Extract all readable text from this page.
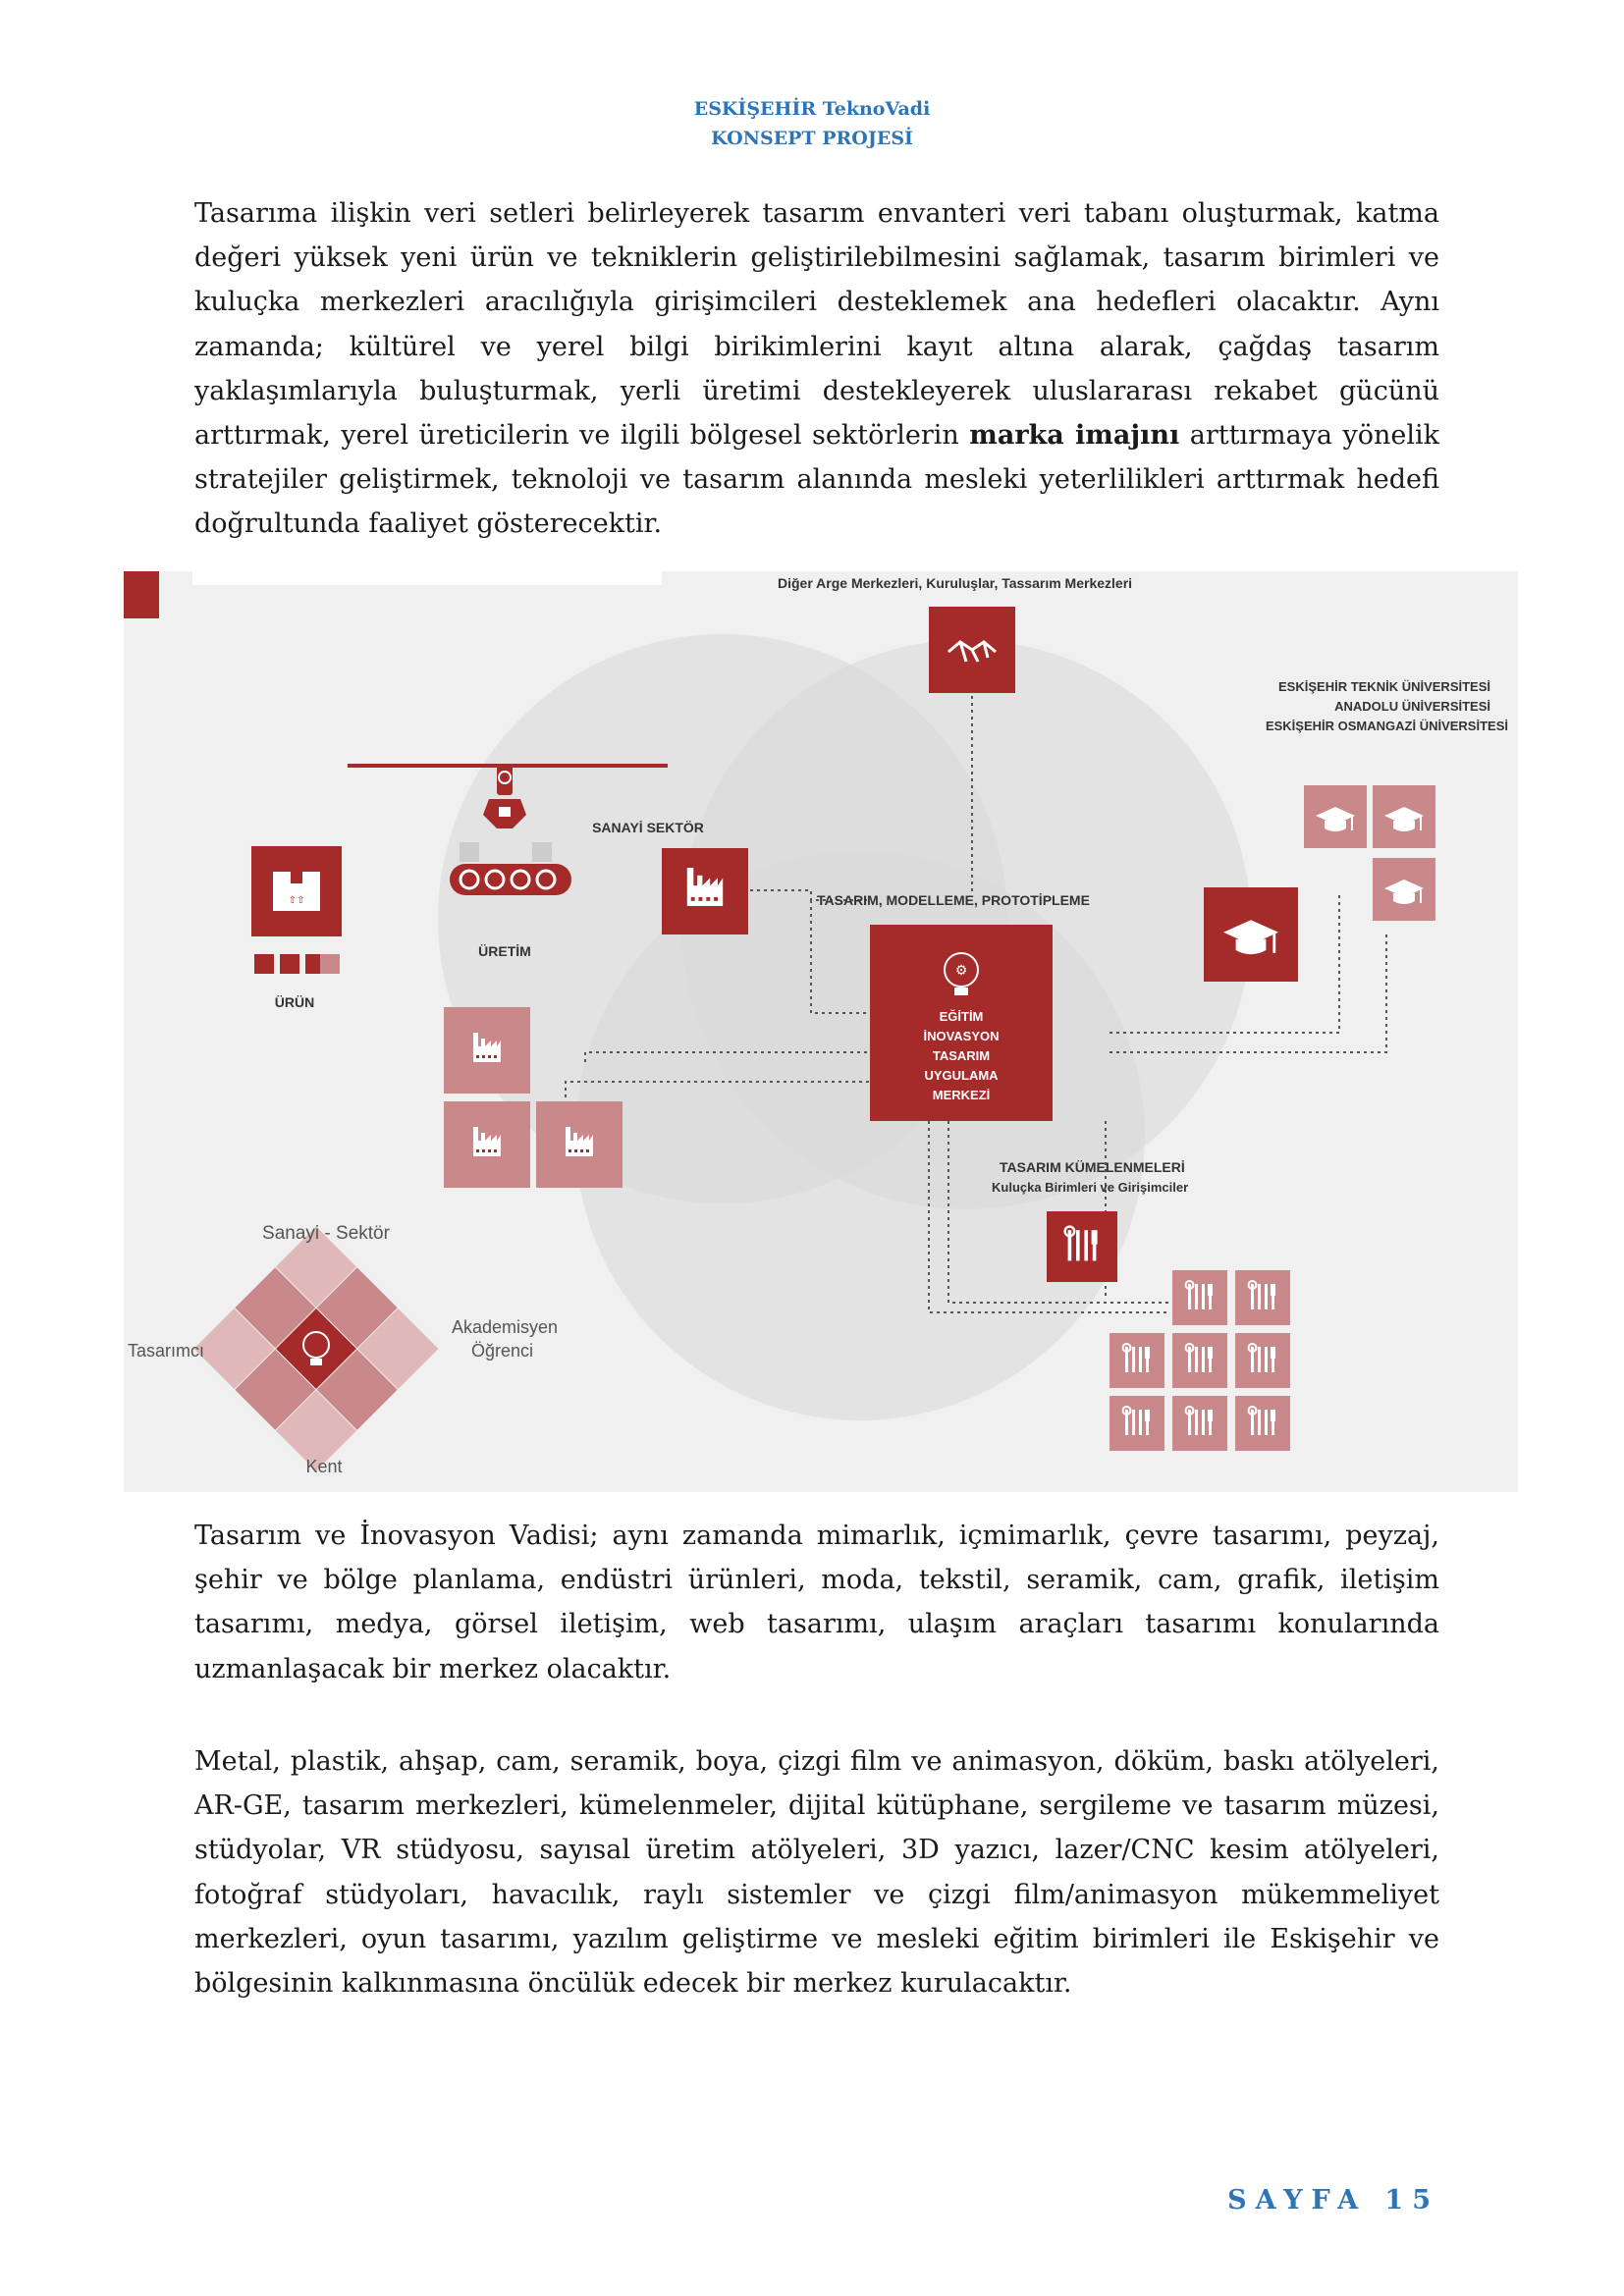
ESKİŞEHİR TeknoVadi
KONSEPT PROJESİ
Tasarıma ilişkin veri setleri belirleyerek tasarım envanteri veri tabanı oluşturmak, katma değeri yüksek yeni ürün ve tekniklerin geliştirilebilmesini sağlamak, tasarım birimleri ve kuluçka merkezleri aracılığıyla girişimcileri desteklemek ana hedefleri olacaktır. Aynı zamanda; kültürel ve yerel bilgi birikimlerini kayıt altına alarak, çağdaş tasarım yaklaşımlarıyla buluşturmak, yerli üretimi destekleyerek uluslararası rekabet gücünü arttırmak, yerel üreticilerin ve ilgili bölgesel sektörlerin marka imajını arttırmaya yönelik stratejiler geliştirmek, teknoloji ve tasarım alanında mesleki yeterlilikleri arttırmak hedefi doğrultunda faaliyet gösterecektir.
Diğer Arge Merkezleri, Kuruluşlar, Tassarım Merkezleri
ESKİŞEHİR TEKNİK ÜNİVERSİTESİ
ANADOLU ÜNİVERSİTESİ
ESKİŞEHİR OSMANGAZİ ÜNİVERSİTESİ
ÜRETİM
⇧⇧
ÜRÜN
SANAYİ SEKTÖR
TASARIM, MODELLEME, PROTOTİPLEME
⚙
EĞİTİM
İNOVASYON
TASARIM
UYGULAMA
MERKEZİ
TASARIM KÜMELENMELERİ
Kuluçka Birimleri ve Girişimciler
Sanayi - Sektör
Tasarımcı
Akademisyen
Öğrenci
Kent
Tasarım ve İnovasyon Vadisi; aynı zamanda mimarlık, içmimarlık, çevre tasarımı, peyzaj, şehir ve bölge planlama, endüstri ürünleri, moda, tekstil, seramik, cam, grafik, iletişim tasarımı, medya, görsel iletişim, web tasarımı, ulaşım araçları tasarımı konularında uzmanlaşacak bir merkez olacaktır.
Metal, plastik, ahşap, cam, seramik, boya, çizgi film ve animasyon, döküm, baskı atölyeleri, AR-GE, tasarım merkezleri, kümelenmeler, dijital kütüphane, sergileme ve tasarım müzesi, stüdyolar, VR stüdyosu, sayısal üretim atölyeleri, 3D yazıcı, lazer/CNC kesim atölyeleri, fotoğraf stüdyoları, havacılık, raylı sistemler ve çizgi film/animasyon mükemmeliyet merkezleri, oyun tasarımı, yazılım geliştirme ve mesleki eğitim birimleri ile Eskişehir ve bölgesinin kalkınmasına öncülük edecek bir merkez kurulacaktır.
SAYFA 15
